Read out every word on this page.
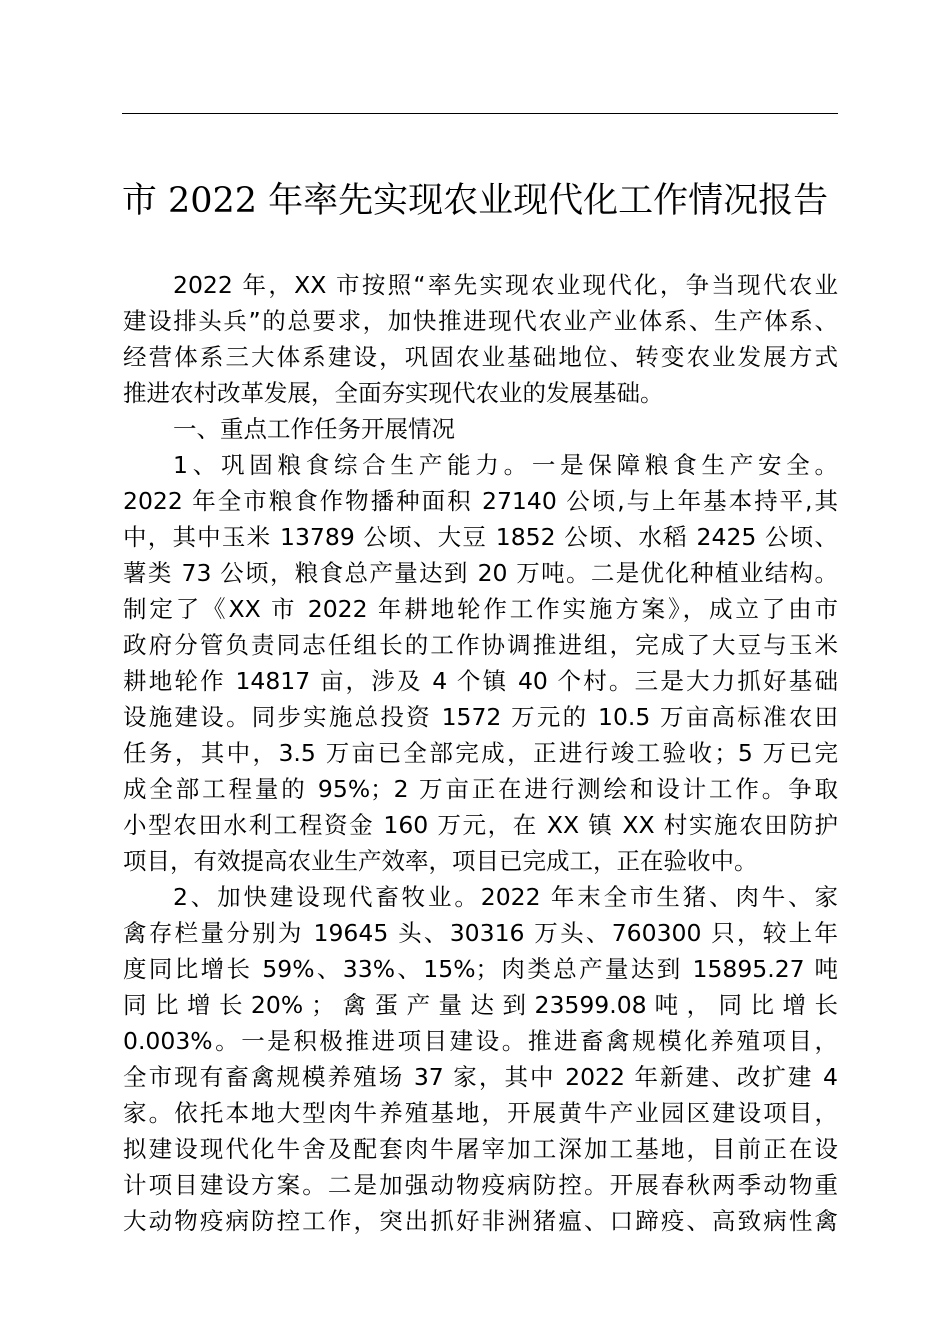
市 2022 年率先实现农业现代化工作情况报告
2022 年，XX 市按照“率先实现农业现代化，争当现代农业
建设排头兵”的总要求，加快推进现代农业产业体系、生产体系、
经营体系三大体系建设，巩固农业基础地位、转变农业发展方式
推进农村改革发展，全面夯实现代农业的发展基础。
一、重点工作任务开展情况
1、巩固粮食综合生产能力。一是保障粮食生产安全。
2022 年全市粮食作物播种面积 27140 公顷,与上年基本持平,其
中，其中玉米 13789 公顷、大豆 1852 公顷、水稻 2425 公顷、
薯类 73 公顷，粮食总产量达到 20 万吨。二是优化种植业结构。
制定了《XX 市 2022 年耕地轮作工作实施方案》，成立了由市
政府分管负责同志任组长的工作协调推进组，完成了大豆与玉米
耕地轮作 14817 亩，涉及 4 个镇 40 个村。三是大力抓好基础
设施建设。同步实施总投资 1572 万元的 10.5 万亩高标准农田
任务，其中，3.5 万亩已全部完成，正进行竣工验收；5 万已完
成全部工程量的 95%；2 万亩正在进行测绘和设计工作。争取
小型农田水利工程资金 160 万元，在 XX 镇 XX 村实施农田防护
项目，有效提高农业生产效率，项目已完成工，正在验收中。
2、加快建设现代畜牧业。2022 年末全市生猪、肉牛、家
禽存栏量分别为 19645 头、30316 万头、760300 只，较上年
度同比增长 59%、33%、15%；肉类总产量达到 15895.27 吨
同 比 增 长 20% ； 禽 蛋 产 量 达 到 23599.08 吨 ， 同 比 增 长
0.003%。一是积极推进项目建设。推进畜禽规模化养殖项目，
全市现有畜禽规模养殖场 37 家，其中 2022 年新建、改扩建 4
家。依托本地大型肉牛养殖基地，开展黄牛产业园区建设项目，
拟建设现代化牛舍及配套肉牛屠宰加工深加工基地，目前正在设
计项目建设方案。二是加强动物疫病防控。开展春秋两季动物重
大动物疫病防控工作，突出抓好非洲猪瘟、口蹄疫、高致病性禽
